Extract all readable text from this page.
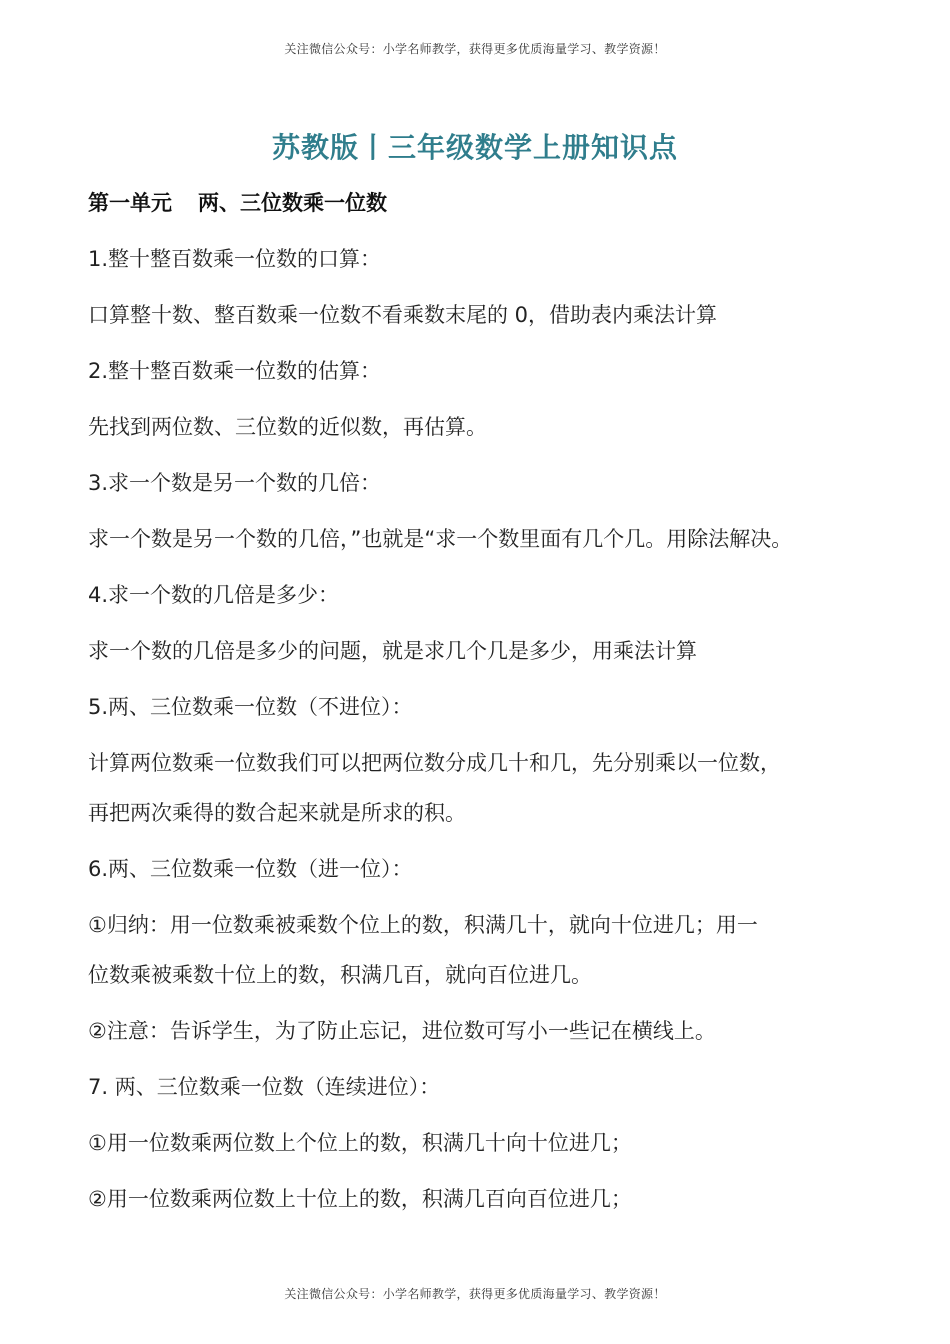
关注微信公众号：小学名师教学，获得更多优质海量学习、教学资源！
苏教版丨三年级数学上册知识点
第一单元 两、三位数乘一位数
1.整十整百数乘一位数的口算：
口算整十数、整百数乘一位数不看乘数末尾的 0，借助表内乘法计算
2.整十整百数乘一位数的估算：
先找到两位数、三位数的近似数，再估算。
3.求一个数是另一个数的几倍：
求一个数是另一个数的几倍，”也就是“求一个数里面有几个几。用除法解决。
4.求一个数的几倍是多少：
求一个数的几倍是多少的问题，就是求几个几是多少，用乘法计算
5.两、三位数乘一位数（不进位）：
计算两位数乘一位数我们可以把两位数分成几十和几，先分别乘以一位数，
再把两次乘得的数合起来就是所求的积。
6.两、三位数乘一位数（进一位）：
①归纳：用一位数乘被乘数个位上的数，积满几十，就向十位进几；用一
位数乘被乘数十位上的数，积满几百，就向百位进几。
②注意：告诉学生，为了防止忘记，进位数可写小一些记在横线上。
7. 两、三位数乘一位数（连续进位）：
①用一位数乘两位数上个位上的数，积满几十向十位进几；
②用一位数乘两位数上十位上的数，积满几百向百位进几；
关注微信公众号：小学名师教学，获得更多优质海量学习、教学资源！
